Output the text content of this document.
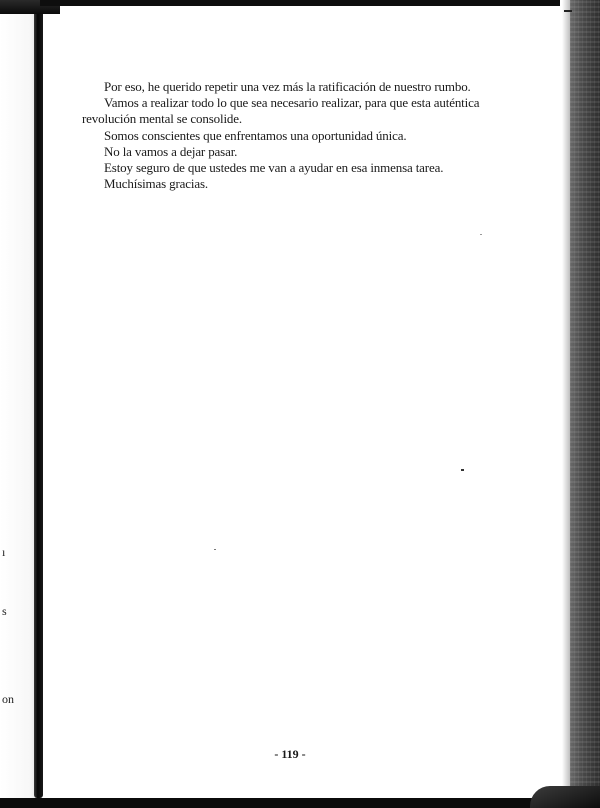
ı
s
on

Por eso, he querido repetir una vez más la ratificación de nuestro rumbo.

Vamos a realizar todo lo que sea necesario realizar, para que esta auténtica revolución mental se consolide.

Somos conscientes que enfrentamos una oportunidad única.

No la vamos a dejar pasar.

Estoy seguro de que ustedes me van a ayudar en esa inmensa tarea.

Muchísimas gracias.

- 119 -
